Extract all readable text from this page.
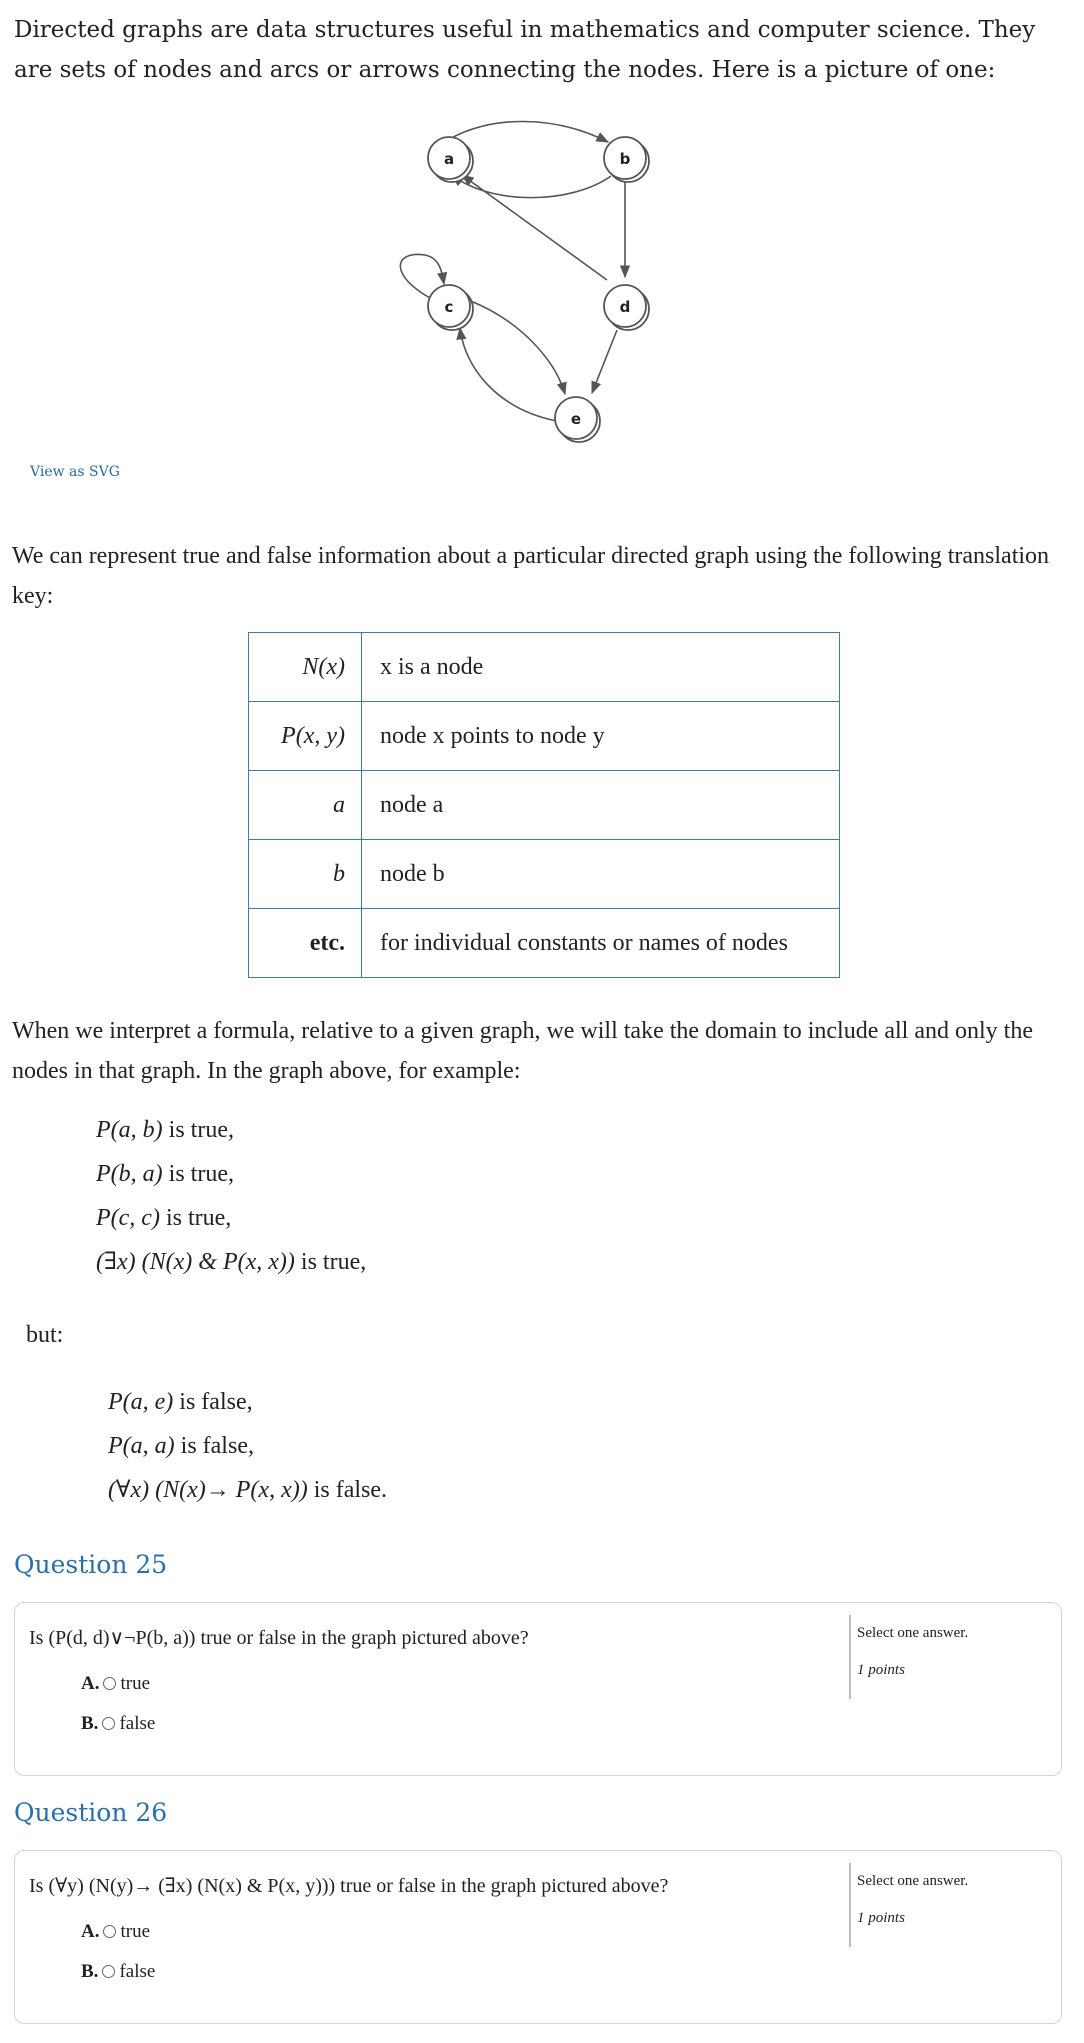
Directed graphs are data structures useful in mathematics and computer science. They are sets of nodes and arcs or arrows connecting the nodes. Here is a picture of one:

a	b
c	d
e
View as SVG

We can represent true and false information about a particular directed graph using the following translation key:

N(x)	x is a node
P(x, y)	node x points to node y
a	node a
b	node b
etc.	for individual constants or names of nodes

When we interpret a formula, relative to a given graph, we will take the domain to include all and only the nodes in that graph. In the graph above, for example:

P(a, b) is true,
P(b, a) is true,
P(c, c) is true,
(∃x) (N(x) & P(x, x)) is true,
but:
P(a, e) is false,
P(a, a) is false,
(∀x) (N(x)→ P(x, x)) is false.
Question 25
Is (P(d, d)∨¬P(b, a)) true or false in the graph pictured above?
A. true
B. false
Select one answer.
1 points
Question 26
Is (∀y) (N(y)→ (∃x) (N(x) & P(x, y))) true or false in the graph pictured above?
A. true
B. false
Select one answer.
1 points
